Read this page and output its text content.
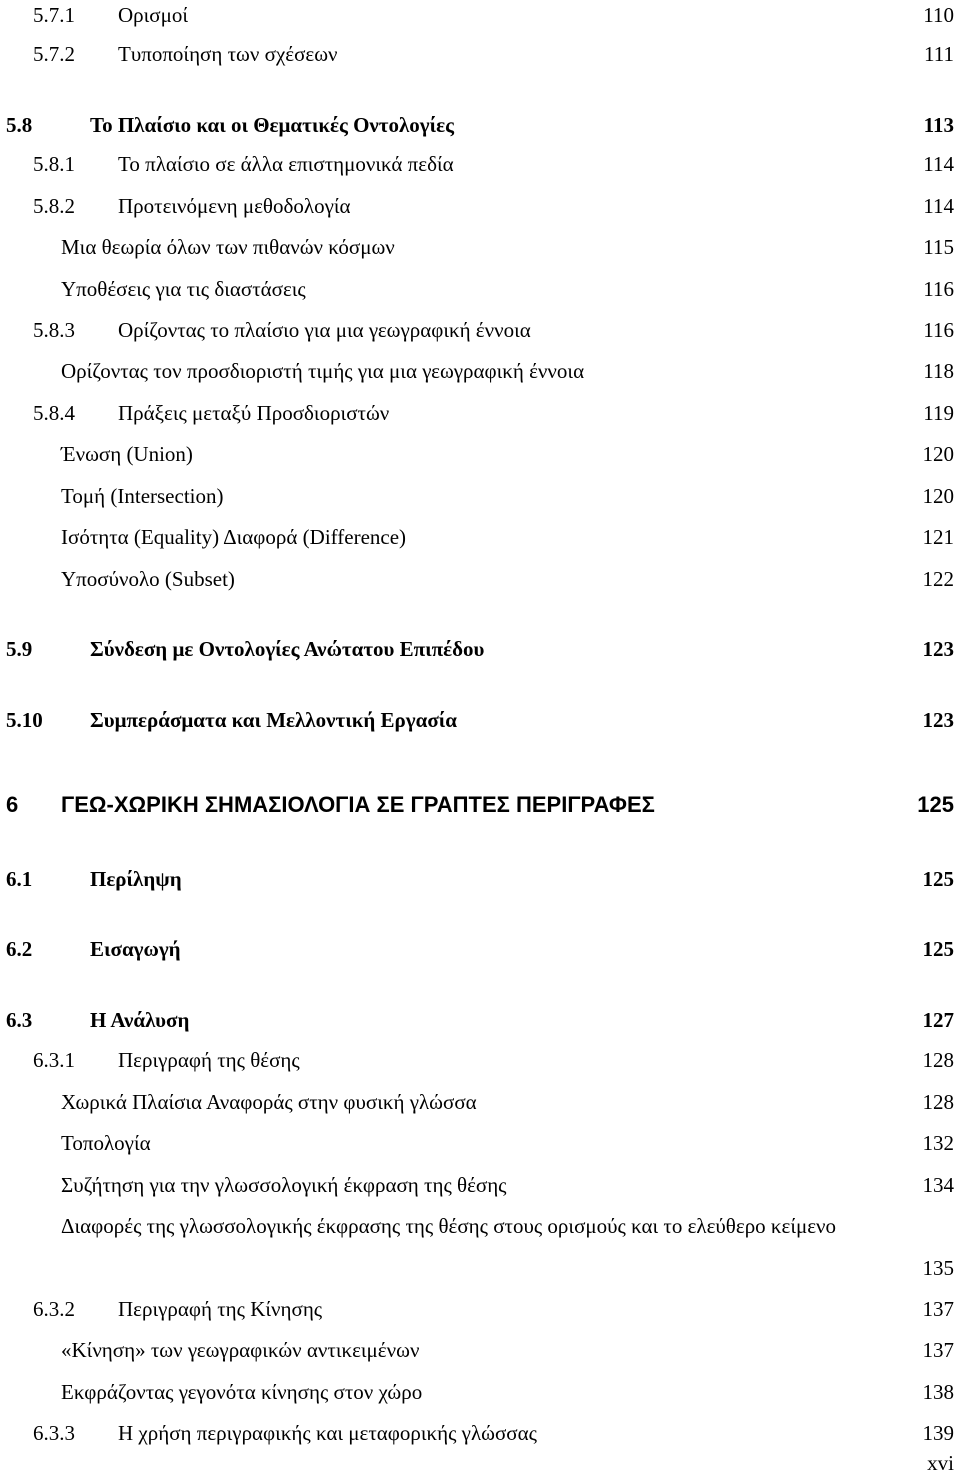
5.7.1 Ορισμοί	110
5.7.2 Τυποποίηση των σχέσεων	111
5.8	Το Πλαίσιο και οι Θεματικές Οντολογίες	113
5.8.1 Το πλαίσιο σε άλλα επιστημονικά πεδία	114
5.8.2 Προτεινόμενη μεθοδολογία	114
Μια θεωρία όλων των πιθανών κόσμων	115
Υποθέσεις για τις διαστάσεις	116
5.8.3 Ορίζοντας το πλαίσιο για μια γεωγραφική έννοια	116
Ορίζοντας τον προσδιοριστή τιμής για μια γεωγραφική έννοια	118
5.8.4 Πράξεις μεταξύ Προσδιοριστών	119
Ένωση (Union)	120
Τομή (Intersection)	120
Ισότητα (Equality) Διαφορά (Difference)	121
Υποσύνολο (Subset)	122
5.9	Σύνδεση με Οντολογίες Ανώτατου Επιπέδου	123
5.10 Συμπεράσματα και Μελλοντική Εργασία	123
6 ΓΕΩ-ΧΩΡΙΚΗ ΣΗΜΑΣΙΟΛΟΓΙΑ ΣΕ ΓΡΑΠΤΕΣ ΠΕΡΙΓΡΑΦΕΣ	125
6.1	Περίληψη	125
6.2	Εισαγωγή	125
6.3	Η Ανάλυση	127
6.3.1 Περιγραφή της θέσης	128
Χωρικά Πλαίσια Αναφοράς στην φυσική γλώσσα	128
Τοπολογία	132
Συζήτηση για την γλωσσολογική έκφραση της θέσης	134
Διαφορές της γλωσσολογικής έκφρασης της θέσης στους ορισμούς και το ελεύθερο κείμενο
135
6.3.2 Περιγραφή της Κίνησης	137
«Κίνηση» των γεωγραφικών αντικειμένων	137
Εκφράζοντας γεγονότα κίνησης στον χώρο	138
6.3.3 Η χρήση περιγραφικής και μεταφορικής γλώσσας	139
xvi
